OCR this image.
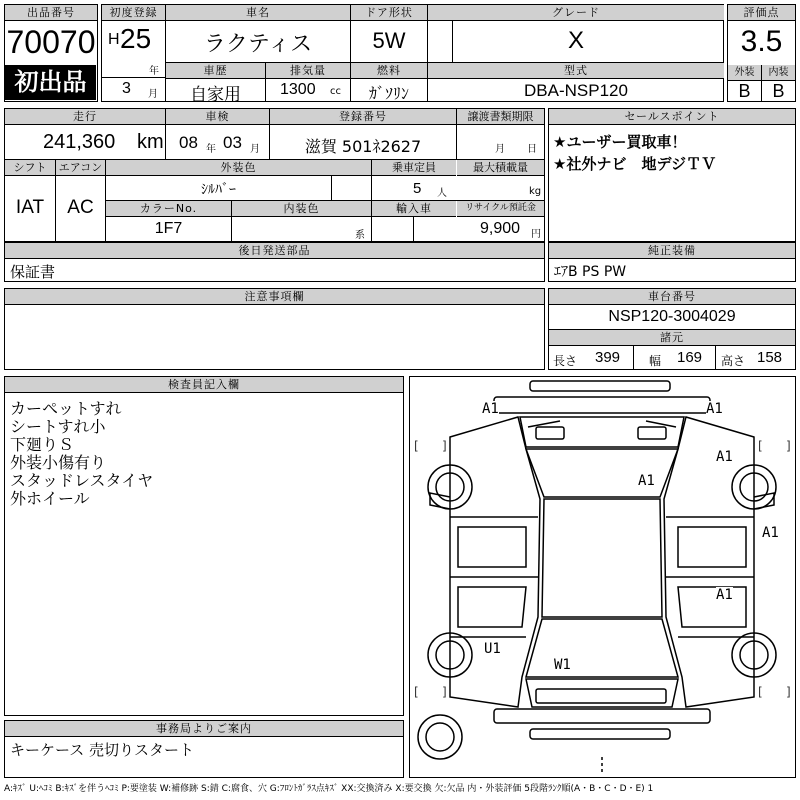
出品番号
70070
初出品
初度登録
H 25
年
3 月
車名
ラクティス
ドア形状
5W
グレード
X
車歴
自家用
排気量
1300 cc
燃料
ｶﾞｿﾘﾝ
型式
DBA-NSP120
評価点
3.5
外装	内装
B	B
走行	車検	登録番号	譲渡書類期限
241,360 km 08 年 03 月	滋賀 501ﾈ2627	月 日
シフト	エアコン
IAT	AC
外装色	乗車定員	最大積載量
ｼﾙﾊﾞｰ	5 人	kg
カラーNo.	内装色	輸入車	リサイクル預託金
1F7	系	9,900 円
セールスポイント
★ユーザー買取車！
★社外ナビ　地デジＴＶ
後日発送部品
保証書
純正装備
ｴｱB PS PW
注意事項欄	車台番号
NSP120-3004029
諸元
長さ 399 幅 169 高さ 158
検査員記入欄
カーペットすれ
シートすれ小
下廻りＳ
外装小傷有り
スタッドレスタイヤ
外ホイール
事務局よりご案内
キーケース 売切りスタート
[ ]	[ ]
[ ]	[ ]
A1	A1
A1
A1
A1
A1
U1
W1
A:ｷｽﾞ U:ﾍｺﾐ B:ｷｽﾞを伴うﾍｺﾐ P:要塗装 W:補修跡 S:錆 C:腐食、穴 G:ﾌﾛﾝﾄｶﾞﾗｽ点ｷｽﾞ XX:交換済み X:要交換 欠:欠品 内・外装評価 5段階ﾗﾝｸ順(A・B・C・D・E) 1
